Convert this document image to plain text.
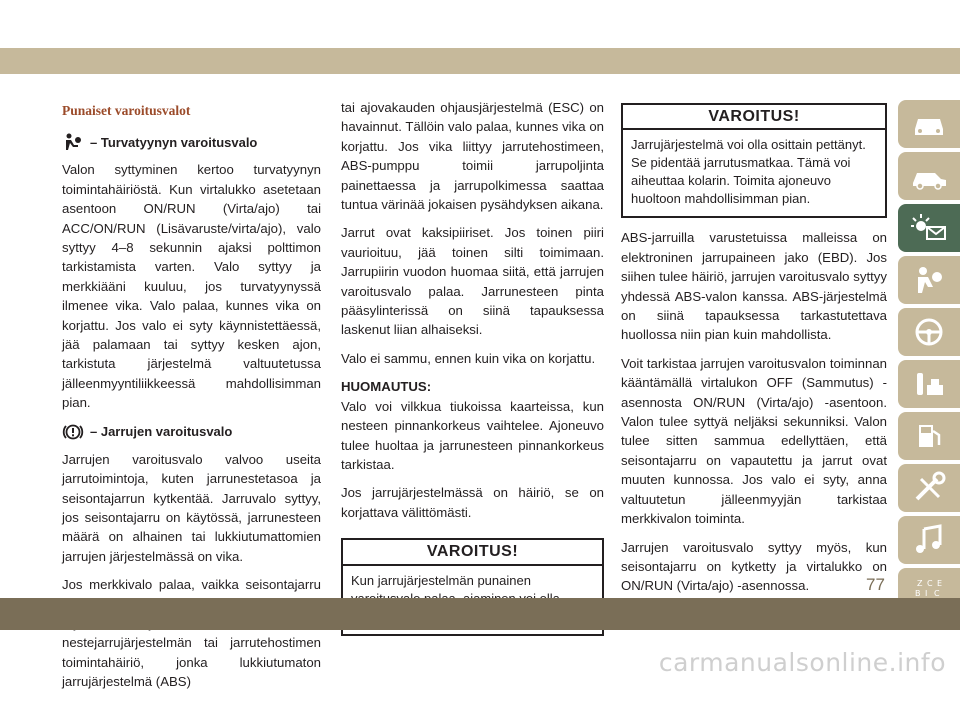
Punaiset varoitusvalot
– Turvatyynyn varoitusvalo

Valon syttyminen kertoo turvatyynyn toimintahäiriöstä. Kun virtalukko asetetaan asentoon ON/RUN (Virta/ajo) tai ACC/ON/RUN (Lisävaruste/virta/ajo), valo syttyy 4–8 sekunnin ajaksi polttimon tarkistamista varten. Valo syttyy ja merkkiääni kuuluu, jos turvatyynyssä ilmenee vika. Valo palaa, kunnes vika on korjattu. Jos valo ei syty käynnistettäessä, jää palamaan tai syttyy kesken ajon, tarkistuta järjestelmä valtuutetussa jälleenmyyntiliikkeessä mahdollisimman pian.

– Jarrujen varoitusvalo

Jarrujen varoitusvalo valvoo useita jarrutoimintoja, kuten jarrunestetasoa ja seisontajarrun kytkentää. Jarruvalo syttyy, jos seisontajarru on käytössä, jarrunesteen määrä on alhainen tai lukkiutumattomien jarrujen järjestelmässä on vika.

Jos merkkivalo palaa, vaikka seisontajarru nestejarrujärjestelmän tai jarrutehostimen toimintahäiriö, jonka lukkiutumaton jarrujärjestelmä (ABS)

tai ajovakauden ohjausjärjestelmä (ESC) on havainnut. Tällöin valo palaa, kunnes vika on korjattu. Jos vika liittyy jarrutehostimeen, ABS-pumppu toimii jarrupoljinta painettaessa ja jarrupolkimessa saattaa tuntua värinää jokaisen pysähdyksen aikana.

Jarrut ovat kaksipiiriset. Jos toinen piiri vaurioituu, jää toinen silti toimimaan. Jarrupiirin vuodon huomaa siitä, että jarrujen varoitusvalo palaa. Jarrunesteen pinta pääsylinterissä on siinä tapauksessa laskenut liian alhaiseksi.

Valo ei sammu, ennen kuin vika on korjattu.

HUOMAUTUS:

Valo voi vilkkua tiukoissa kaarteissa, kun nesteen pinnankorkeus vaihtelee. Ajoneuvo tulee huoltaa ja jarrunesteen pinnankorkeus tarkistaa.

Jos jarrujärjestelmässä on häiriö, se on korjattava välittömästi.

VAROITUS!
Kun jarrujärjestelmän punainen
VAROITUS!
Jarrujärjestelmä voi olla osittain pettänyt. Se pidentää jarrutusmatkaa. Tämä voi aiheuttaa kolarin. Toimita ajoneuvo huoltoon mahdollisimman pian.

ABS-jarruilla varustetuissa malleissa on elektroninen jarrupaineen jako (EBD). Jos siihen tulee häiriö, jarrujen varoitusvalo syttyy yhdessä ABS-valon kanssa. ABS-järjestelmä on siinä tapauksessa tarkastutettava huollossa niin pian kuin mahdollista.

Voit tarkistaa jarrujen varoitusvalon toiminnan kääntämällä virtalukon OFF (Sammutus) -asennosta ON/RUN (Virta/ajo) -asentoon. Valon tulee syttyä neljäksi sekunniksi. Valon tulee sitten sammua edellyttäen, että seisontajarru on vapautettu ja jarrut ovat muuten kunnossa. Jos valo ei syty, anna valtuutetun jälleenmyyjän tarkistaa merkkivalon toiminta.

Jarrujen varoitusvalo syttyy myös, kun seisontajarru on kytketty ja virtalukko on ON/RUN (Virta/ajo) -asennossa.	Z C E
B I C
77
carmanualsonline.info
